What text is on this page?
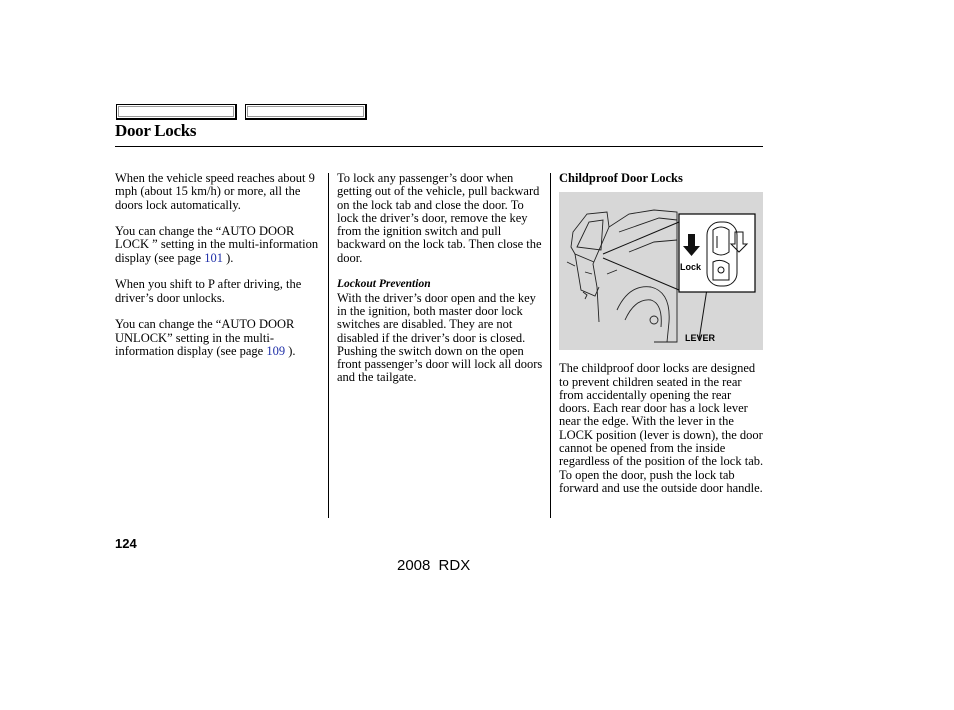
Door Locks

When the vehicle speed reaches about 9 mph (about 15 km/h) or more, all the doors lock automatically.

You can change the “AUTO DOOR LOCK ” setting in the multi-information display (see page 101 ).

When you shift to P after driving, the driver’s door unlocks.

You can change the “AUTO DOOR UNLOCK” setting in the multi-information display (see page 109 ).

To lock any passenger’s door when getting out of the vehicle, pull backward on the lock tab and close the door. To lock the driver’s door, remove the key from the ignition switch and pull backward on the lock tab. Then close the door.

Lockout Prevention

With the driver’s door open and the key in the ignition, both master door lock switches are disabled. They are not disabled if the driver’s door is closed. Pushing the switch down on the open front passenger’s door will lock all doors and the tailgate.

Childproof Door Locks
Lock
LEVER

The childproof door locks are designed to prevent children seated in the rear from accidentally opening the rear doors. Each rear door has a lock lever near the edge. With the lever in the LOCK position (lever is down), the door cannot be opened from the inside regardless of the position of the lock tab. To open the door, push the lock tab forward and use the outside door handle.

124
2008 RDX
